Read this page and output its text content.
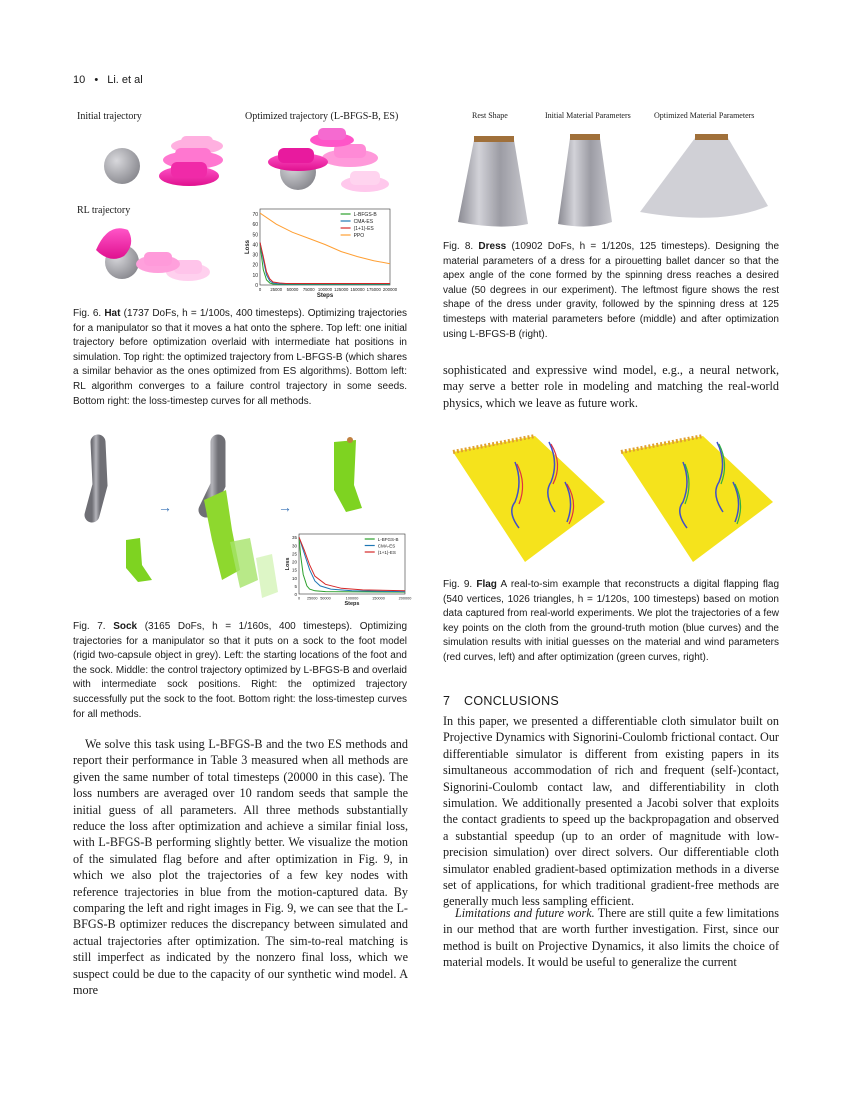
10 • Li. et al
Initial trajectory	Optimized trajectory (L-BFGS-B, ES)
RL trajectory
0
10
20
30
40
50
60
70
0 25000 50000 75000 100000 125000 150000 175000 200000
Steps
Loss
L-BFGS-B
CMA-ES
(1+1)-ES
PPO
Fig. 6. Hat (1737 DoFs, h = 1/100s, 400 timesteps). Optimizing trajectories for a manipulator so that it moves a hat onto the sphere. Top left: one initial trajectory before optimization overlaid with intermediate hat positions in simulation. Top right: the optimized trajectory from L-BFGS-B (which shares a similar behavior as the ones optimized from ES algorithms). Bottom left: RL algorithm converges to a failure control trajectory in some seeds. Bottom right: the loss-timestep curves for all methods.
→	→
0
5
10
15
20
25
30
35
0 25000 50000	100000	150000	200000
Steps
Loss
L-BFGS-B
CMA-ES
(1+1)-ES
Fig. 7. Sock (3165 DoFs, h = 1/160s, 400 timesteps). Optimizing trajectories for a manipulator so that it puts on a sock to the foot model (rigid two-capsule object in grey). Left: the starting locations of the foot and the sock. Middle: the control trajectory optimized by L-BFGS-B and overlaid with intermediate sock positions. Right: the optimized trajectory successfully put the sock to the foot. Bottom right: the loss-timestep curves for all methods.
We solve this task using L-BFGS-B and the two ES methods and report their performance in Table 3 measured when all methods are given the same number of total timesteps (20000 in this case). The loss numbers are averaged over 10 random seeds that sample the initial guess of all parameters. All three methods substantially reduce the loss after optimization and achieve a similar finial loss, with L-BFGS-B performing slightly better. We visualize the motion of the simulated flag before and after optimization in Fig. 9, in which we also plot the trajectories of a few key nodes with reference trajectories in blue from the motion-captured data. By comparing the left and right images in Fig. 9, we can see that the L-BFGS-B optimizer reduces the discrepancy between simulated and actual trajectories after optimization. The sim-to-real matching is still imperfect as indicated by the nonzero final loss, which we suspect could be due to the capacity of our synthetic wind model. A more
Rest Shape	Initial Material Parameters	Optimized Material Parameters
Fig. 8. Dress (10902 DoFs, h = 1/120s, 125 timesteps). Designing the material parameters of a dress for a pirouetting ballet dancer so that the apex angle of the cone formed by the spinning dress reaches a desired value (50 degrees in our experiment). The leftmost figure shows the rest shape of the dress under gravity, followed by the spinning dress at 125 timesteps with material parameters before (middle) and after optimization using L-BFGS-B (right).
sophisticated and expressive wind model, e.g., a neural network, may serve a better role in modeling and matching the real-world physics, which we leave as future work.
Fig. 9. Flag A real-to-sim example that reconstructs a digital flapping flag (540 vertices, 1026 triangles, h = 1/120s, 100 timesteps) based on motion data captured from real-world experiments. We plot the trajectories of a few key points on the cloth from the ground-truth motion (blue curves) and the simulation results with initial guesses on the material and wind parameters (red curves, left) and after optimization (green curves, right).
7 CONCLUSIONS
In this paper, we presented a differentiable cloth simulator built on Projective Dynamics with Signorini-Coulomb frictional contact. Our differentiable simulator is different from existing papers in its simultaneous accommodation of rich and frequent (self-)contact, Signorini-Coulomb contact law, and differentiability in cloth simulation. We additionally presented a Jacobi solver that exploits the contact gradients to speed up the backpropagation and observed a substantial speedup (up to an order of magnitude with low-precision simulation) over direct solvers. Our differentiable cloth simulator enabled gradient-based optimization methods in a diverse set of applications, for which traditional gradient-free methods are generally much less sampling efficient.
Limitations and future work. There are still quite a few limitations in our method that are worth further investigation. First, since our method is built on Projective Dynamics, it also limits the choice of material models. It would be useful to generalize the current
